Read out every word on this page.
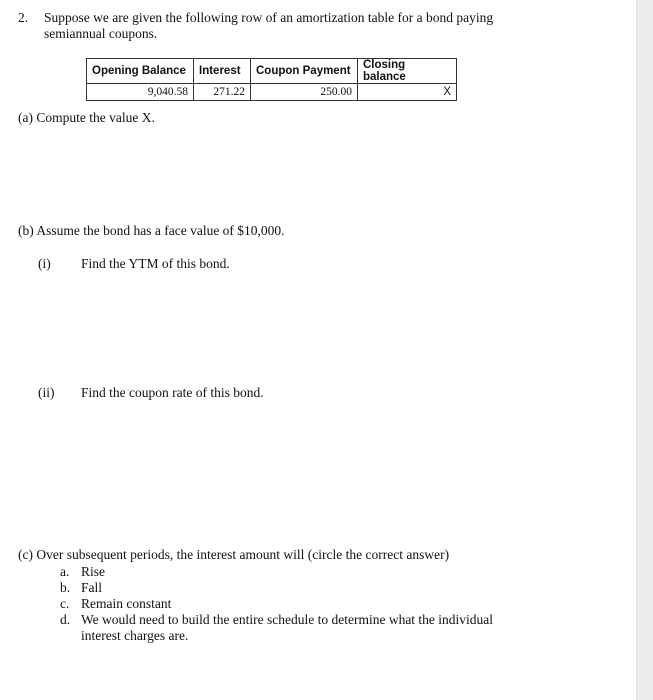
2. Suppose we are given the following row of an amortization table for a bond paying
semiannual coupons.
Opening Balance	Interest	Coupon Payment	Closing balance
9,040.58	271.22	250.00	X
(a) Compute the value X.
(b) Assume the bond has a face value of $10,000.
(i) Find the YTM of this bond.
(ii) Find the coupon rate of this bond.
(c) Over subsequent periods, the interest amount will (circle the correct answer)
a. Rise
b. Fall
c. Remain constant
d. We would need to build the entire schedule to determine what the individual
interest charges are.
